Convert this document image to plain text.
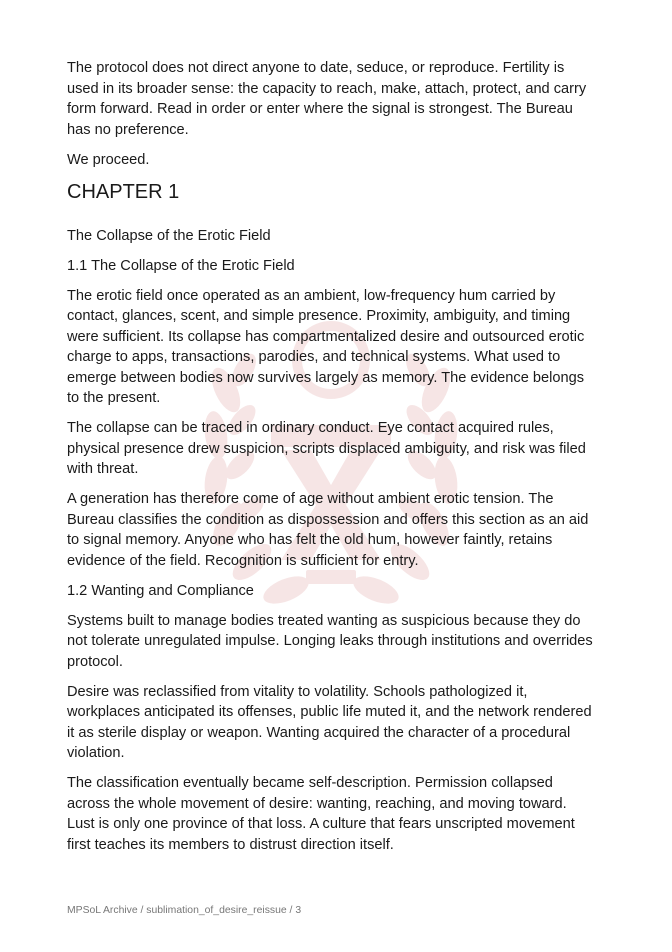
The protocol does not direct anyone to date, seduce, or reproduce. Fertility is used in its broader sense: the capacity to reach, make, attach, protect, and carry form forward. Read in order or enter where the signal is strongest. The Bureau has no preference.

We proceed.

CHAPTER 1

The Collapse of the Erotic Field

1.1 The Collapse of the Erotic Field

The erotic field once operated as an ambient, low-frequency hum carried by contact, glances, scent, and simple presence. Proximity, ambiguity, and timing were sufficient. Its collapse has compartmentalized desire and outsourced erotic charge to apps, transactions, parodies, and technical systems. What used to emerge between bodies now survives largely as memory. The evidence belongs to the present.

The collapse can be traced in ordinary conduct. Eye contact acquired rules, physical presence drew suspicion, scripts displaced ambiguity, and risk was filed with threat.

A generation has therefore come of age without ambient erotic tension. The Bureau classifies the condition as dispossession and offers this section as an aid to signal memory. Anyone who has felt the old hum, however faintly, retains evidence of the field. Recognition is sufficient for entry.

1.2 Wanting and Compliance

Systems built to manage bodies treated wanting as suspicious because they do not tolerate unregulated impulse. Longing leaks through institutions and overrides protocol.

Desire was reclassified from vitality to volatility. Schools pathologized it, workplaces anticipated its offenses, public life muted it, and the network rendered it as sterile display or weapon. Wanting acquired the character of a procedural violation.

The classification eventually became self-description. Permission collapsed across the whole movement of desire: wanting, reaching, and moving toward. Lust is only one province of that loss. A culture that fears unscripted movement first teaches its members to distrust direction itself.

MPSoL Archive / sublimation_of_desire_reissue / 3
